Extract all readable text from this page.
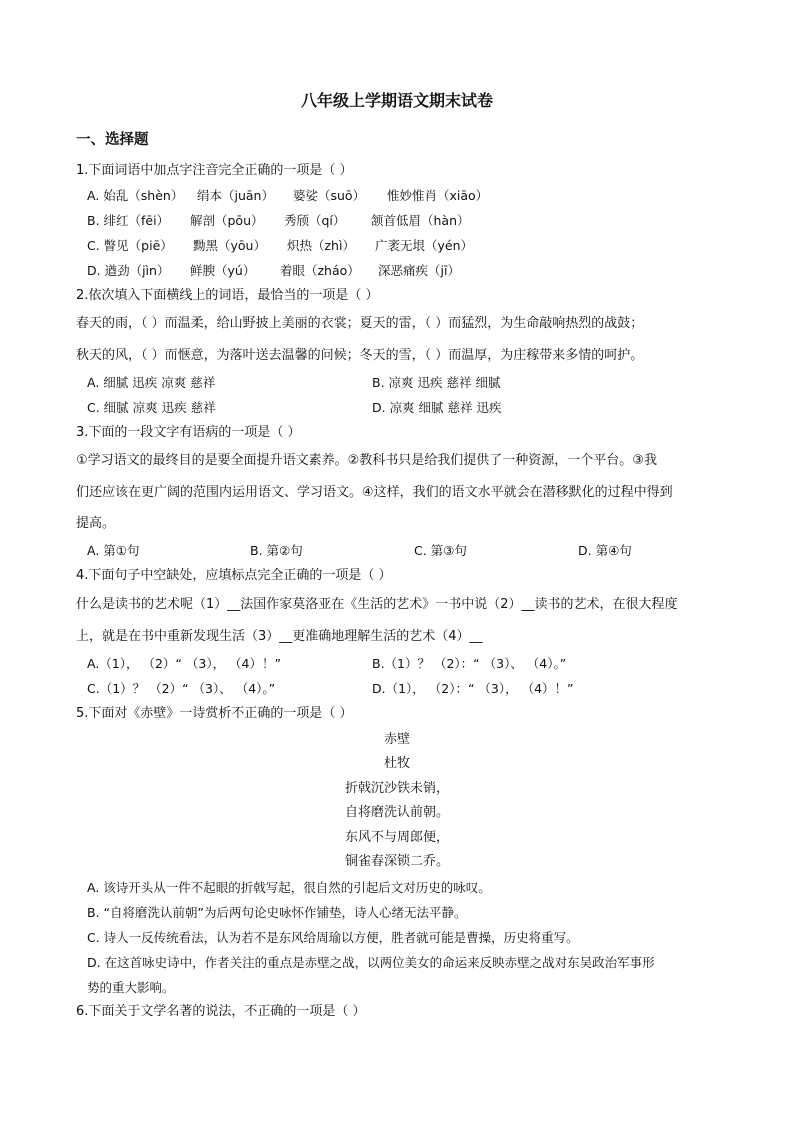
八年级上学期语文期末试卷
一、选择题
1.下面词语中加点字注音完全正确的一项是（ ）
A. 始乱（shèn） 绢本（juān） 婆娑（suō） 惟妙惟肖（xiāo）
B. 绯红（fēi） 解剖（pōu） 秀颀（qí） 颔首低眉（hàn）
C. 瞥见（piē） 黝黑（yōu） 炽热（zhì） 广袤无垠（yén）
D. 遒劲（jìn） 鲜腴（yú） 着眼（zháo） 深恶痛疾（jī）
2.依次填入下面横线上的词语，最恰当的一项是（ ）
春天的雨，（ ）而温柔，给山野披上美丽的衣裳；夏天的雷，（ ）而猛烈，为生命敲响热烈的战鼓；
秋天的风，（ ）而惬意，为落叶送去温馨的问候；冬天的雪，（ ）而温厚，为庄稼带来多情的呵护。
A. 细腻 迅疾 凉爽 慈祥	B. 凉爽 迅疾 慈祥 细腻
C. 细腻 凉爽 迅疾 慈祥	D. 凉爽 细腻 慈祥 迅疾
3.下面的一段文字有语病的一项是（ ）
①学习语文的最终目的是要全面提升语文素养。②教科书只是给我们提供了一种资源，一个平台。③我
们还应该在更广阔的范围内运用语文、学习语文。④这样，我们的语文水平就会在潜移默化的过程中得到
提高。
A. 第①句	B. 第②句	C. 第③句	D. 第④句
4.下面句子中空缺处，应填标点完全正确的一项是（ ）
什么是读书的艺术呢（1）__法国作家莫洛亚在《生活的艺术》一书中说（2）__读书的艺术，在很大程度
上，就是在书中重新发现生活（3）__更准确地理解生活的艺术（4）__
A.（1）， （2）“ （3）， （4）！”	B.（1）？ （2）：“ （3）、 （4）。”
C.（1）？ （2）“ （3）、 （4）。”	D.（1）， （2）：“ （3）， （4）！”
5.下面对《赤壁》一诗赏析不正确的一项是（ ）
赤壁
杜牧
折戟沉沙铁未销，
自将磨洗认前朝。
东风不与周郎便，
铜雀春深锁二乔。
A. 该诗开头从一件不起眼的折戟写起，很自然的引起后文对历史的咏叹。
B. “自将磨洗认前朝”为后两句论史咏怀作铺垫，诗人心绪无法平静。
C. 诗人一反传统看法，认为若不是东风给周瑜以方便，胜者就可能是曹操，历史将重写。
D. 在这首咏史诗中，作者关注的重点是赤壁之战，以两位美女的命运来反映赤壁之战对东吴政治军事形
势的重大影响。
6.下面关于文学名著的说法，不正确的一项是（ ）
